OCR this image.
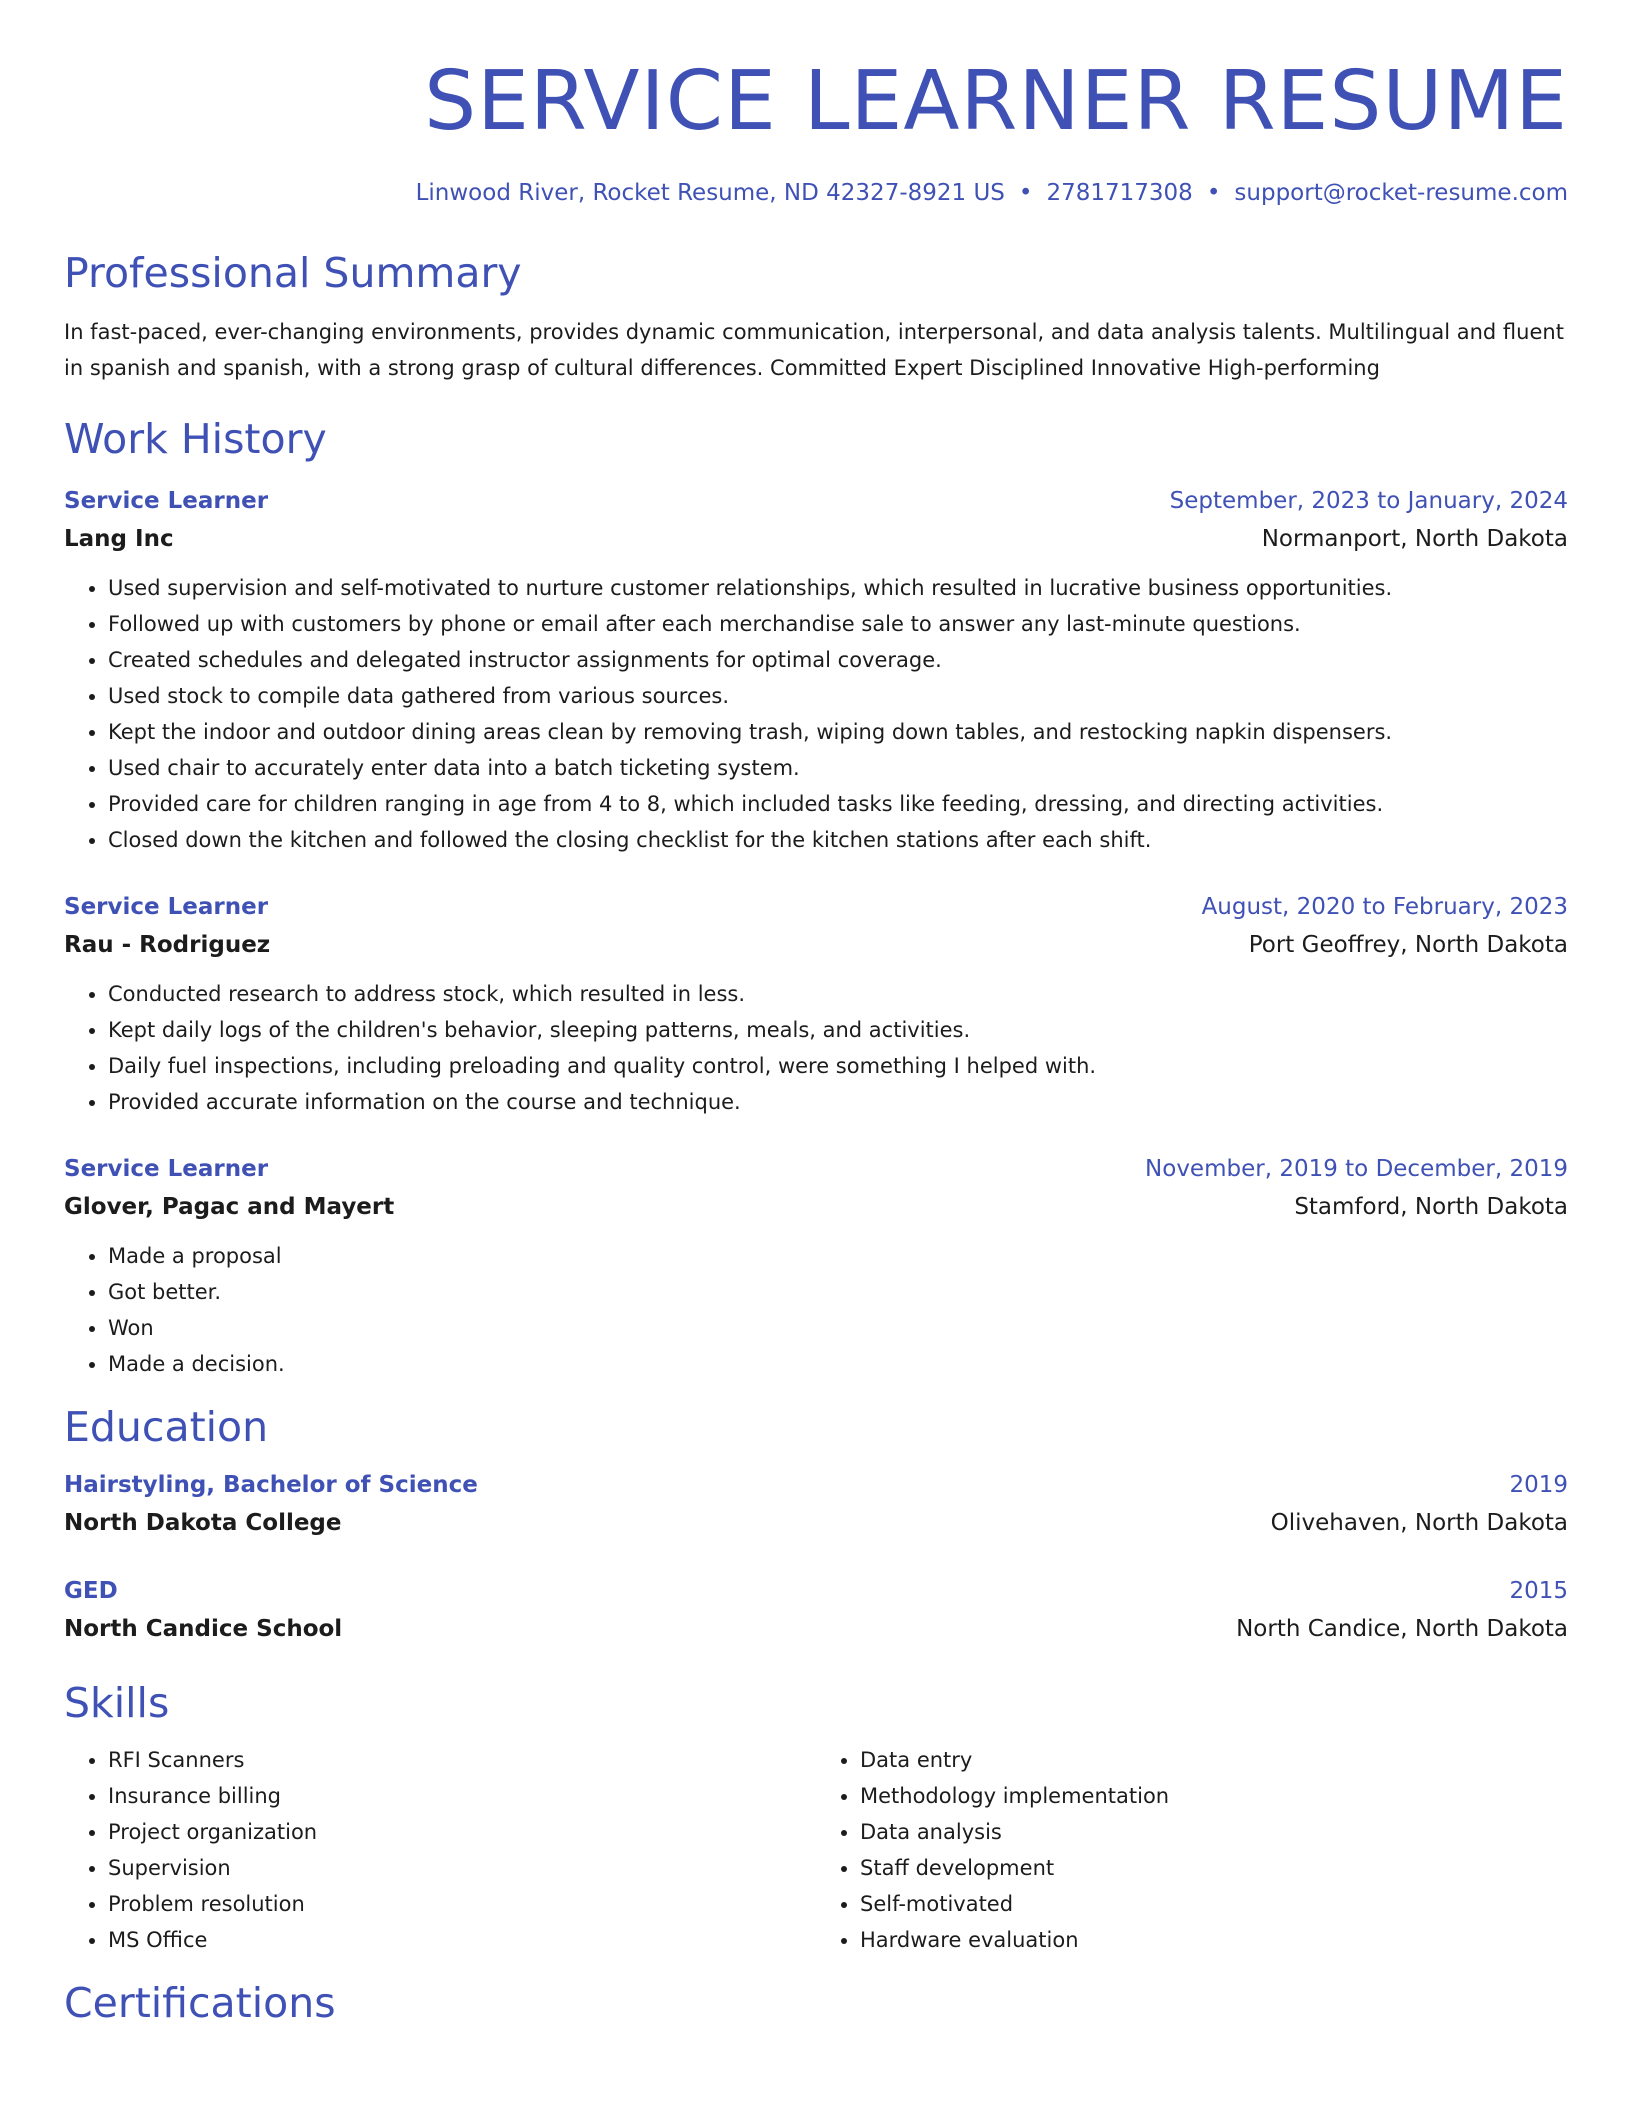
SERVICE LEARNER RESUME
Linwood River, Rocket Resume, ND 42327-8921 US • 2781717308 • support@rocket-resume.com
Professional Summary
In fast-paced, ever-changing environments, provides dynamic communication, interpersonal, and data analysis talents. Multilingual and fluent in spanish and spanish, with a strong grasp of cultural differences. Committed Expert Disciplined Innovative High-performing
Work History
Service Learner	September, 2023 to January, 2024
Lang Inc	Normanport, North Dakota
• Used supervision and self-motivated to nurture customer relationships, which resulted in lucrative business opportunities.
• Followed up with customers by phone or email after each merchandise sale to answer any last-minute questions.
• Created schedules and delegated instructor assignments for optimal coverage.
• Used stock to compile data gathered from various sources.
• Kept the indoor and outdoor dining areas clean by removing trash, wiping down tables, and restocking napkin dispensers.
• Used chair to accurately enter data into a batch ticketing system.
• Provided care for children ranging in age from 4 to 8, which included tasks like feeding, dressing, and directing activities.
• Closed down the kitchen and followed the closing checklist for the kitchen stations after each shift.
Service Learner	August, 2020 to February, 2023
Rau - Rodriguez	Port Geoffrey, North Dakota
• Conducted research to address stock, which resulted in less.
• Kept daily logs of the children's behavior, sleeping patterns, meals, and activities.
• Daily fuel inspections, including preloading and quality control, were something I helped with.
• Provided accurate information on the course and technique.
Service Learner	November, 2019 to December, 2019
Glover, Pagac and Mayert	Stamford, North Dakota
• Made a proposal
• Got better.
• Won
• Made a decision.
Education
Hairstyling, Bachelor of Science	2019
North Dakota College	Olivehaven, North Dakota
GED	2015
North Candice School	North Candice, North Dakota
Skills
• RFI Scanners
• Insurance billing
• Project organization
• Supervision
• Problem resolution
• MS Office
• Data entry
• Methodology implementation
• Data analysis
• Staff development
• Self-motivated
• Hardware evaluation
Certifications
